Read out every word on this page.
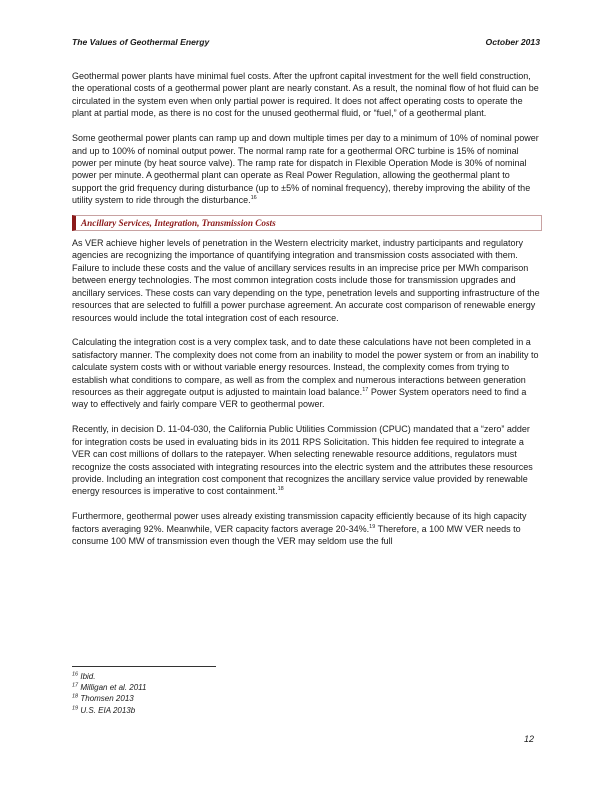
The Values of Geothermal Energy	October 2013

Geothermal power plants have minimal fuel costs. After the upfront capital investment for the well field construction, the operational costs of a geothermal power plant are nearly constant. As a result, the nominal flow of hot fluid can be circulated in the system even when only partial power is required. It does not affect operating costs to operate the plant at partial mode, as there is no cost for the unused geothermal fluid, or “fuel,” of a geothermal plant.

Some geothermal power plants can ramp up and down multiple times per day to a minimum of 10% of nominal power and up to 100% of nominal output power. The normal ramp rate for a geothermal ORC turbine is 15% of nominal power per minute (by heat source valve). The ramp rate for dispatch in Flexible Operation Mode is 30% of nominal power per minute. A geothermal plant can operate as Real Power Regulation, allowing the geothermal plant to support the grid frequency during disturbance (up to ±5% of nominal frequency), thereby improving the ability of the utility system to ride through the disturbance.$^{16}$

Ancillary Services, Integration, Transmission Costs

As VER achieve higher levels of penetration in the Western electricity market, industry participants and regulatory agencies are recognizing the importance of quantifying integration and transmission costs associated with them. Failure to include these costs and the value of ancillary services results in an imprecise price per MWh comparison between energy technologies. The most common integration costs include those for transmission upgrades and ancillary services. These costs can vary depending on the type, penetration levels and supporting infrastructure of the resources that are selected to fulfill a power purchase agreement. An accurate cost comparison of renewable energy resources would include the total integration cost of each resource.

Calculating the integration cost is a very complex task, and to date these calculations have not been completed in a satisfactory manner. The complexity does not come from an inability to model the power system or from an inability to calculate system costs with or without variable energy resources. Instead, the complexity comes from trying to establish what conditions to compare, as well as from the complex and numerous interactions between generation resources as their aggregate output is adjusted to maintain load balance.$^{17}$ Power System operators need to find a way to effectively and fairly compare VER to geothermal power.

Recently, in decision D. 11-04-030, the California Public Utilities Commission (CPUC) mandated that a “zero” adder for integration costs be used in evaluating bids in its 2011 RPS Solicitation. This hidden fee required to integrate a VER can cost millions of dollars to the ratepayer. When selecting renewable resource additions, regulators must recognize the costs associated with integrating resources into the electric system and the attributes these resources provide. Including an integration cost component that recognizes the ancillary service value provided by renewable energy resources is imperative to cost containment.$^{18}$

Furthermore, geothermal power uses already existing transmission capacity efficiently because of its high capacity factors averaging 92%. Meanwhile, VER capacity factors average 20-34%.$^{19}$ Therefore, a 100 MW VER needs to consume 100 MW of transmission even though the VER may seldom use the full

$^{16}$ Ibid.
$^{17}$ Milligan et al. 2011
$^{18}$ Thomsen 2013
$^{19}$ U.S. EIA 2013b
12
